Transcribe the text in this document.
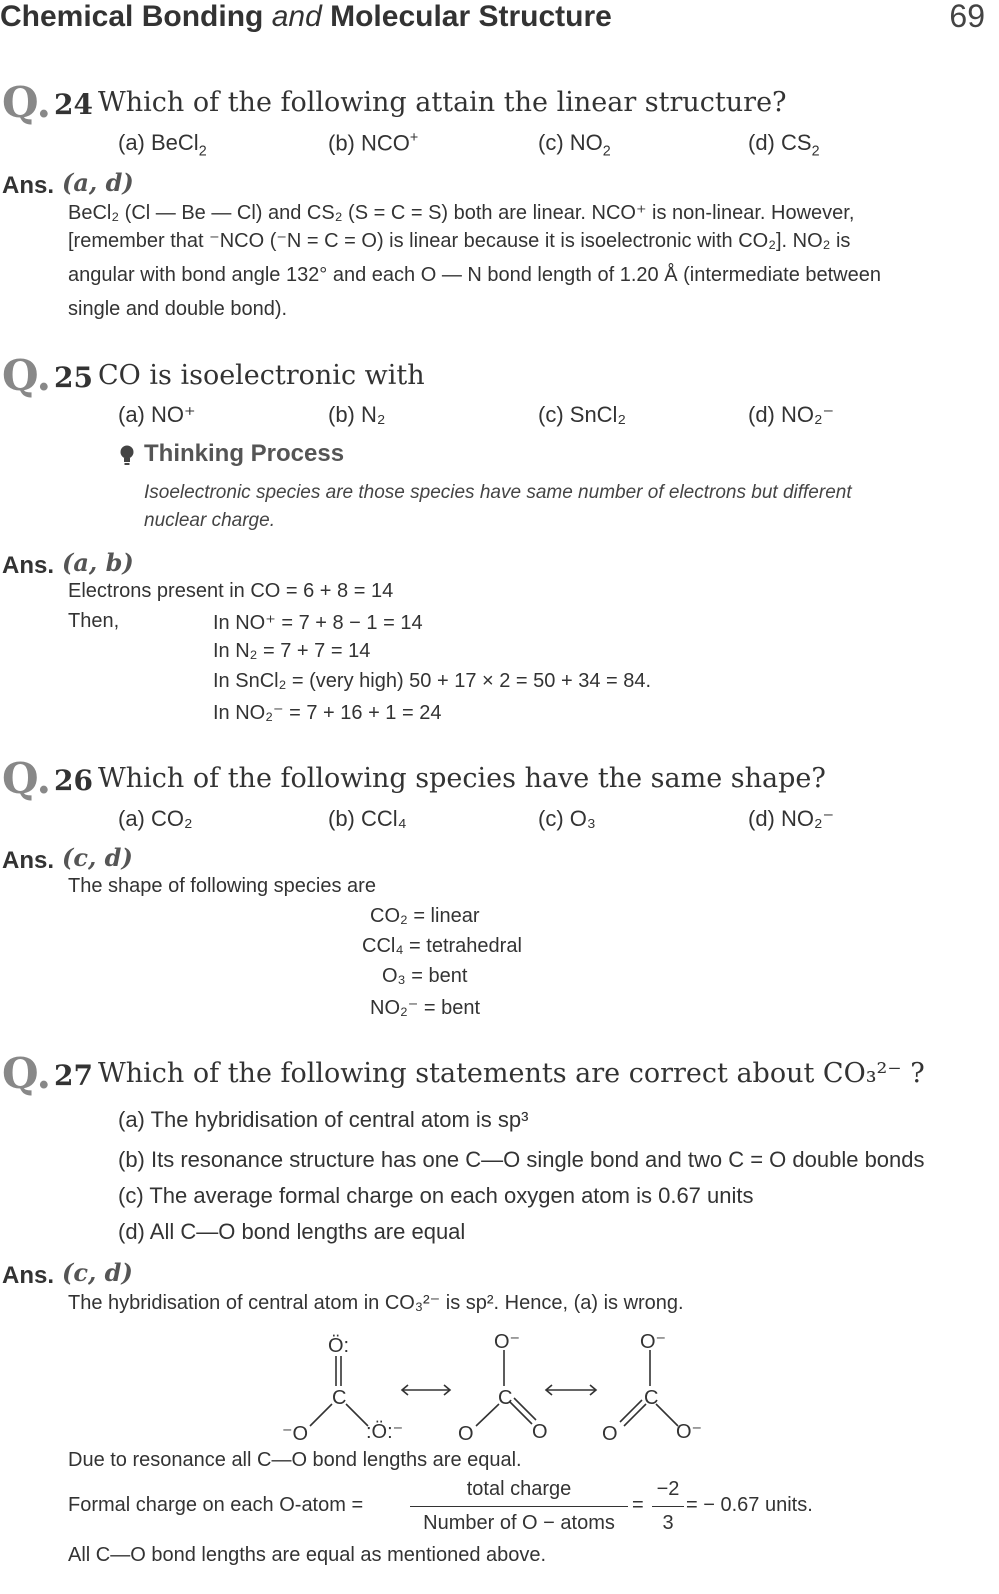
Chemical Bonding and Molecular Structure	69
Q. 24 Which of the following attain the linear structure?
(a) BeCl$_2$	(b) NCO+	(c) $NO_2$	(d) $CS_2$
Ans. (a, d)
BeCl₂ (Cl — Be — Cl) and CS₂ (S = C = S) both are linear. NCO⁺ is non-linear. However,
[remember that ⁻NCO (⁻N = C = O) is linear because it is isoelectronic with CO₂]. NO₂ is
angular with bond angle 132° and each O — N bond length of 1.20 Å (intermediate between
single and double bond).
Q. 25 CO is isoelectronic with
(a) NO⁺	(b) N₂	(c) SnCl₂	(d) NO₂⁻
Thinking Process
Isoelectronic species are those species have same number of electrons but different
nuclear charge.
Ans. (a, b)
Electrons present in CO = 6 + 8 = 14
Then,	In NO⁺ = 7 + 8 − 1 = 14
In N₂ = 7 + 7 = 14
In SnCl₂ = (very high) 50 + 17 × 2 = 50 + 34 = 84.
In NO₂⁻ = 7 + 16 + 1 = 24
Q. 26 Which of the following species have the same shape?
(a) CO₂	(b) CCl₄	(c) O₃	(d) NO₂⁻
Ans. (c, d)
The shape of following species are
CO₂ = linear
CCl₄ = tetrahedral
O₃ = bent
NO₂⁻ = bent
Q. 27 Which of the following statements are correct about CO₃²⁻ ?
(a) The hybridisation of central atom is sp³
(b) Its resonance structure has one C—O single bond and two C = O double bonds
(c) The average formal charge on each oxygen atom is 0.67 units
(d) All C—O bond lengths are equal
Ans. (c, d)
The hybridisation of central atom in CO₃²⁻ is sp². Hence, (a) is wrong.
Ö:
C
⁻O	:Ö:⁻
O⁻
C
O	O
O⁻
C
O	O⁻
Due to resonance all C—O bond lengths are equal.
Formal charge on each O-atom =
total charge
Number of O − atoms
=
−2
3
= − 0.67 units.
All C—O bond lengths are equal as mentioned above.
